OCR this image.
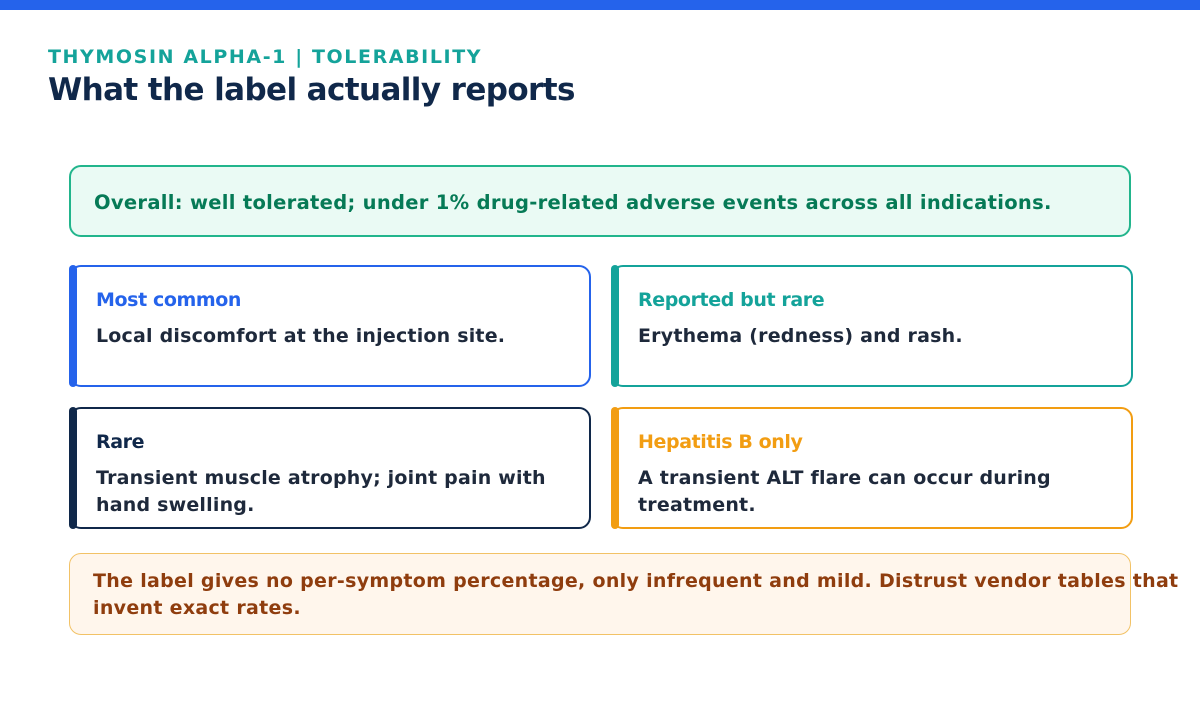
THYMOSIN ALPHA-1 | TOLERABILITY
What the label actually reports
Overall: well tolerated; under 1% drug-related adverse events across all indications.
Most common
Local discomfort at the injection site.
Reported but rare
Erythema (redness) and rash.
Rare
Transient muscle atrophy; joint pain with hand swelling.
Hepatitis B only
A transient ALT flare can occur during treatment.
The label gives no per-symptom percentage, only infrequent and mild. Distrust vendor tables that invent exact rates.
